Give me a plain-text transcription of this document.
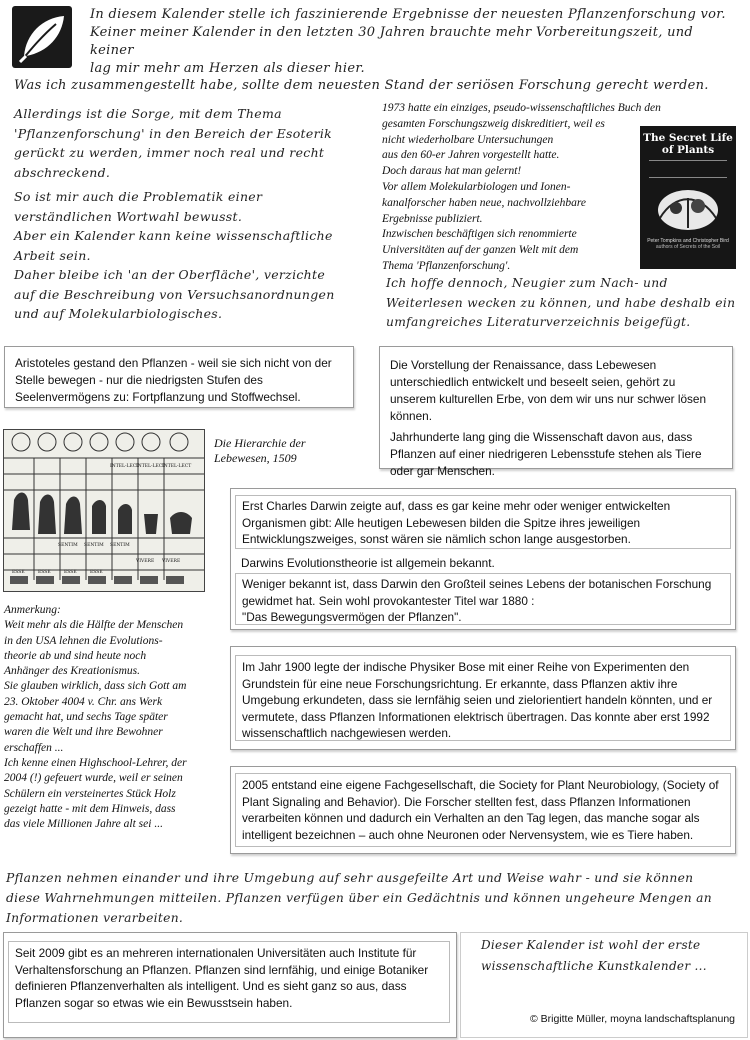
In diesem Kalender stelle ich faszinierende Ergebnisse der neuesten Pflanzenforschung vor.

Keiner meiner Kalender in den letzten 30 Jahren brauchte mehr Vorbereitungszeit, und keiner

lag mir mehr am Herzen als dieser hier.

Was ich zusammengestellt habe, sollte dem neuesten Stand der seriösen Forschung gerecht werden.

Allerdings ist die Sorge, mit dem Thema

'Pflanzenforschung' in den Bereich der Esoterik

gerückt zu werden, immer noch real und recht

abschreckend.

So ist mir auch die Problematik einer

verständlichen Wortwahl bewusst.

Aber ein Kalender kann keine wissenschaftliche

Arbeit sein.

Daher bleibe ich 'an der Oberfläche', verzichte

auf die Beschreibung von Versuchsanordnungen

und auf Molekularbiologisches.

1973 hatte ein einziges, pseudo-wissenschaftliches Buch den

gesamten Forschungszweig diskreditiert, weil es

nicht wiederholbare Untersuchungen

aus den 60-er Jahren vorgestellt hatte.

Doch daraus hat man gelernt!

Vor allem Molekularbiologen und Ionen-

kanalforscher haben neue, nachvollziehbare

Ergebnisse publiziert.

Inzwischen beschäftigen sich renommierte

Universitäten auf der ganzen Welt mit dem

Thema 'Pflanzenforschung'.

The Secret Life
of Plants
Peter Tompkins and Christopher Bird
authors of Secrets of the Soil

Ich hoffe dennoch, Neugier zum Nach- und

Weiterlesen wecken zu können, und habe deshalb ein

umfangreiches Literaturverzeichnis beigefügt.

Aristoteles gestand den Pflanzen - weil sie sich nicht von der Stelle bewegen - nur die niedrigsten Stufen des Seelenvermögens zu: Fortpflanzung und Stoffwechsel.

Die Vorstellung der Renaissance, dass Lebewesen unterschiedlich entwickelt und beseelt seien, gehört zu unserem kulturellen Erbe, von dem wir uns nur schwer lösen können.

Jahrhunderte lang ging die Wissenschaft davon aus, dass Pflanzen auf einer niedrigeren Lebensstufe stehen als Tiere oder gar Menschen.

INTEL-LECT
INTEL-LECT
INTEL-LECT
SENTIM SENTIM SENTIM
VIVERE VIVERE
ESSE	ESSE	ESSE	ESSE

Die Hierarchie der

Lebewesen, 1509

Erst Charles Darwin zeigte auf, dass es gar keine mehr oder weniger entwickelten Organismen gibt: Alle heutigen Lebewesen bilden die Spitze ihres jeweiligen Entwicklungszweiges, sonst wären sie nämlich schon lange ausgestorben.

Darwins Evolutionstheorie ist allgemein bekannt.

Weniger bekannt ist, dass Darwin den Großteil seines Lebens der botanischen Forschung gewidmet hat. Sein wohl provokantester Titel war 1880 :

"Das Bewegungsvermögen der Pflanzen".

Anmerkung:

Weit mehr als die Hälfte der Menschen

in den USA lehnen die Evolutions-

theorie ab und sind heute noch

Anhänger des Kreationismus.

Sie glauben wirklich, dass sich Gott am

23. Oktober 4004 v. Chr. ans Werk

gemacht hat, und sechs Tage später

waren die Welt und ihre Bewohner

erschaffen ...

Ich kenne einen Highschool-Lehrer, der

2004 (!) gefeuert wurde, weil er seinen

Schülern ein versteinertes Stück Holz

gezeigt hatte - mit dem Hinweis, dass

das viele Millionen Jahre alt sei ...

Im Jahr 1900 legte der indische Physiker Bose mit einer Reihe von Experimenten den Grundstein für eine neue Forschungsrichtung. Er erkannte, dass Pflanzen aktiv ihre Umgebung erkundeten, dass sie lernfähig seien und zielorientiert handeln könnten, und er vermutete, dass Pflanzen Informationen elektrisch übertragen. Das konnte aber erst 1992 wissenschaftlich nachgewiesen werden.

2005 entstand eine eigene Fachgesellschaft, die Society for Plant Neurobiology, (Society of Plant Signaling and Behavior). Die Forscher stellten fest, dass Pflanzen Informationen verarbeiten können und dadurch ein Verhalten an den Tag legen, das manche sogar als intelligent bezeichnen – auch ohne Neuronen oder Nervensystem, wie es Tiere haben.

Pflanzen nehmen einander und ihre Umgebung auf sehr ausgefeilte Art und Weise wahr - und sie können

diese Wahrnehmungen mitteilen. Pflanzen verfügen über ein Gedächtnis und können ungeheure Mengen an

Informationen verarbeiten.

Seit 2009 gibt es an mehreren internationalen Universitäten auch Institute für Verhaltensforschung an Pflanzen. Pflanzen sind lernfähig, und einige Botaniker definieren Pflanzenverhalten als intelligent. Und es sieht ganz so aus, dass Pflanzen sogar so etwas wie ein Bewusstsein haben.

Dieser Kalender ist wohl der erste

wissenschaftliche Kunstkalender ...

© Brigitte Müller, moyna landschaftsplanung
